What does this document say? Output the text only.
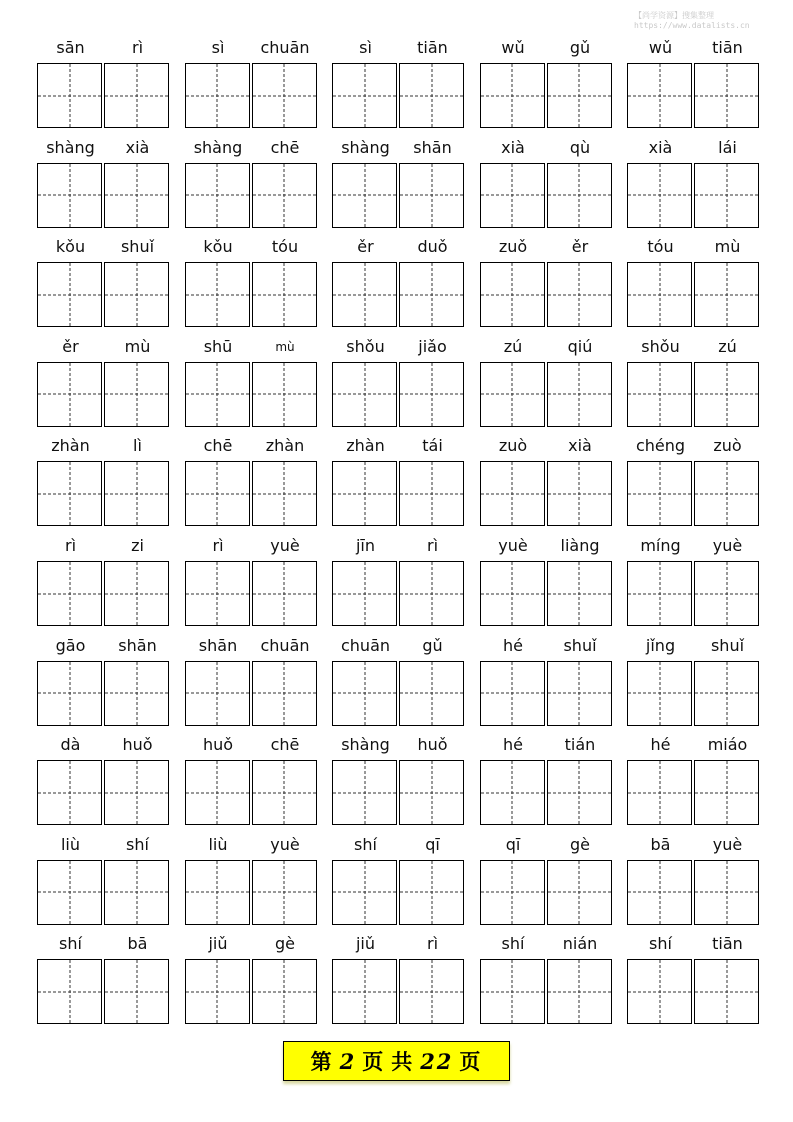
【尚学资源】搜集整理
https://www.datalists.cn
sān	rì	sì	chuān	sì	tiān	wǔ	gǔ	wǔ	tiān
shàng	xià	shàng	chē	shàng	shān	xià	qù	xià	lái
kǒu	shuǐ	kǒu	tóu	ěr	duǒ	zuǒ	ěr	tóu	mù
ěr	mù	shū	mù	shǒu	jiǎo	zú	qiú	shǒu	zú
zhàn	lì	chē	zhàn	zhàn	tái	zuò	xià	chéng	zuò
rì	zi	rì	yuè	jīn	rì	yuè	liàng	míng	yuè
gāo	shān	shān	chuān	chuān	gǔ	hé	shuǐ	jǐng	shuǐ
dà	huǒ	huǒ	chē	shàng	huǒ	hé	tián	hé	miáo
liù	shí	liù	yuè	shí	qī	qī	gè	bā	yuè
shí	bā	jiǔ	gè	jiǔ	rì	shí	nián	shí	tiān
第 2 页 共 22 页
